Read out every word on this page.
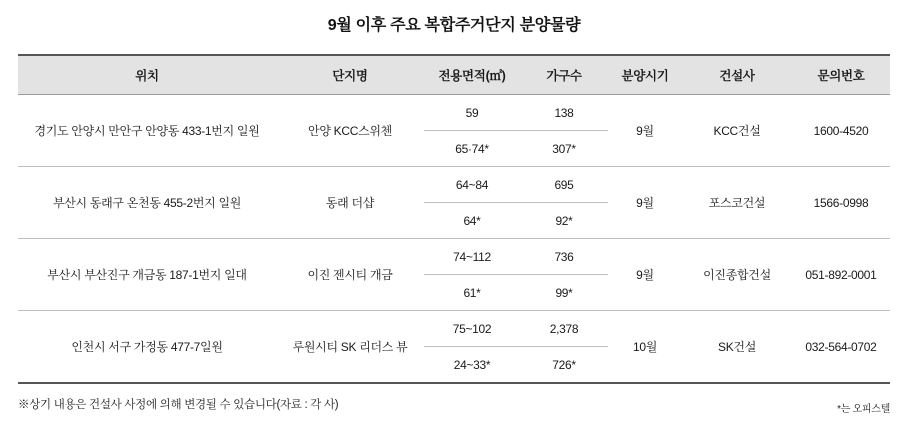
9월 이후 주요 복합주거단지 분양물량
위치	단지명	전용면적(㎡)	가구수	분양시기	건설사	문의번호
경기도 안양시 만안구 안양동 433-1번지 일원	안양 KCC스위첸	59	138	9월	KCC건설	1600-4520
		65·74*	307*			
부산시 동래구 온천동 455-2번지 일원	동래 더샵	64~84	695	9월	포스코건설	1566-0998
		64*	92*			
부산시 부산진구 개금동 187-1번지 일대	이진 젠시티 개금	74~112	736	9월	이진종합건설	051-892-0001
		61*	99*			
인천시 서구 가정동 477-7일원	루원시티 SK 리더스 뷰	75~102	2,378	10월	SK건설	032-564-0702
		24~33*	726*			
※상기 내용은 건설사 사정에 의해 변경될 수 있습니다(자료 : 각 사)	*는 오피스텔
